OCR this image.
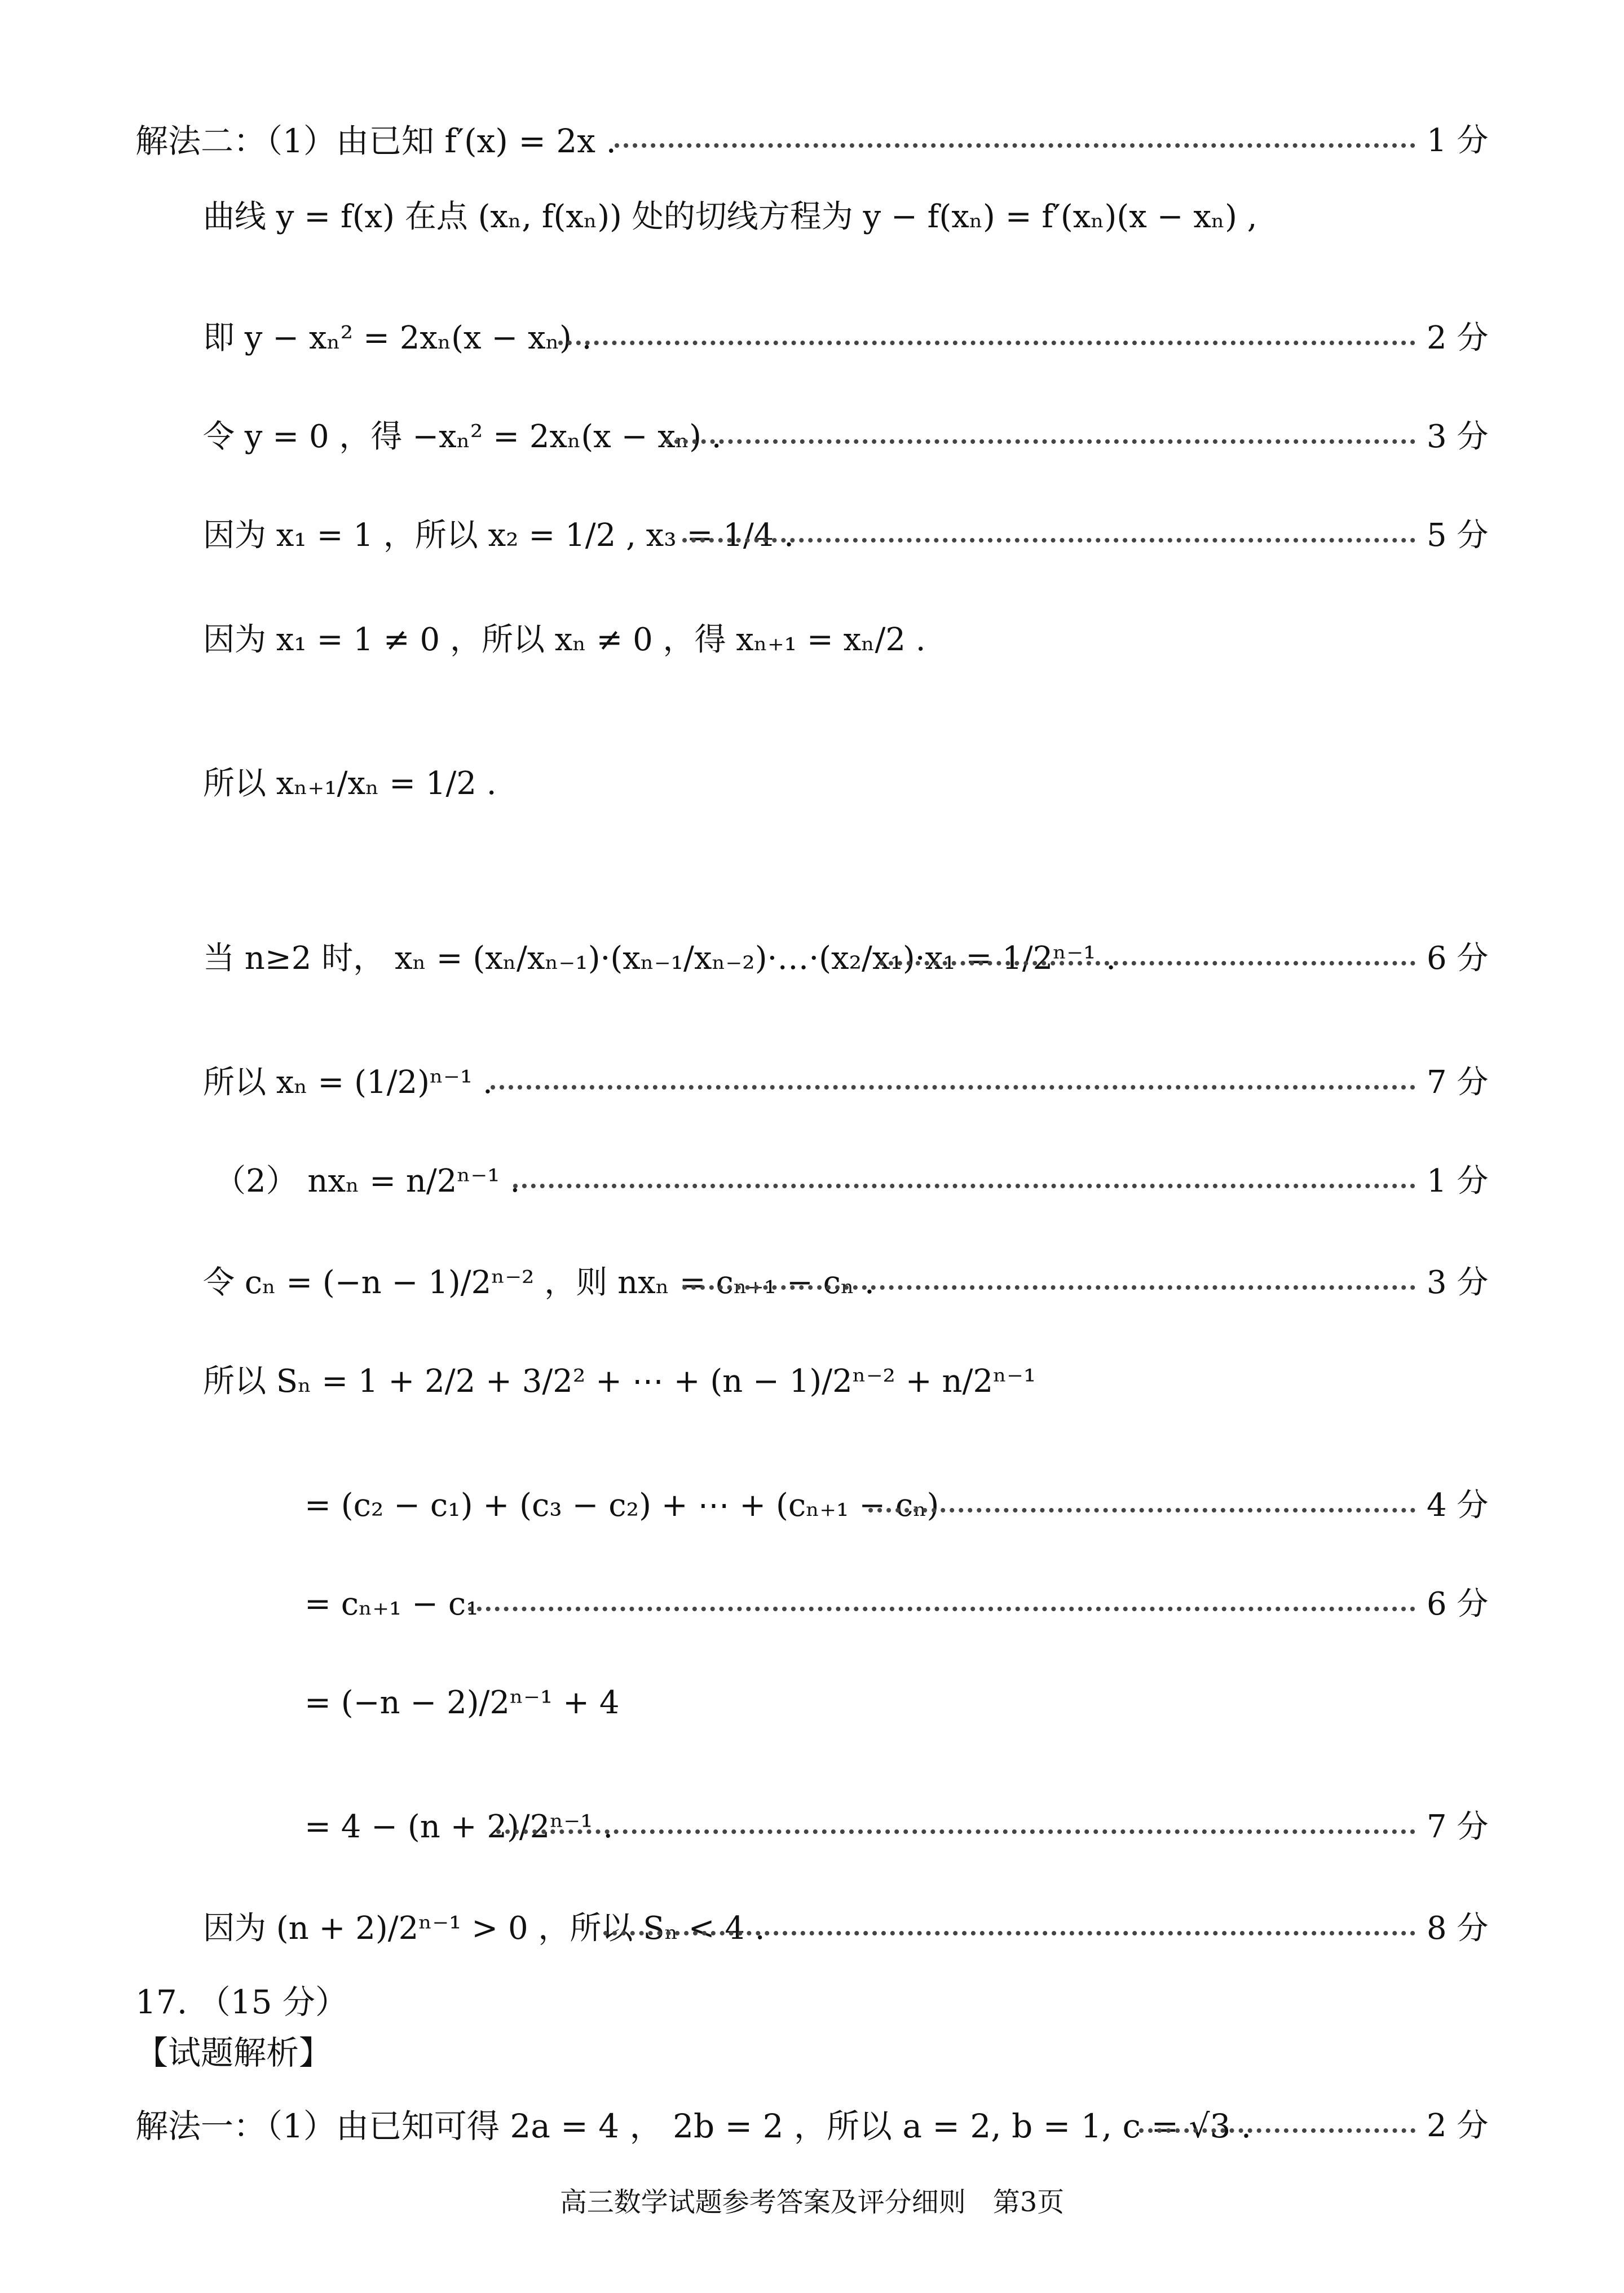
解法二：（1）由已知 f′(x) = 2x .	1 分
曲线 y = f(x) 在点 (xₙ, f(xₙ)) 处的切线方程为 y − f(xₙ) = f′(xₙ)(x − xₙ) ,
即 y − xₙ² = 2xₙ(x − xₙ) .	2 分
令 y = 0 ，得 −xₙ² = 2xₙ(x − xₙ) .	3 分
因为 x₁ = 1 ，所以 x₂ = 1/2 , x₃ = 1/4 .	5 分
因为 x₁ = 1 ≠ 0 ，所以 xₙ ≠ 0 ，得 xₙ₊₁ = xₙ/2 .
所以 xₙ₊₁/xₙ = 1/2 .
当 n≥2 时， xₙ = (xₙ/xₙ₋₁)·(xₙ₋₁/xₙ₋₂)·…·(x₂/x₁)·x₁ = 1/2ⁿ⁻¹ .	6 分
所以 xₙ = (1/2)ⁿ⁻¹ .	7 分
（2） nxₙ = n/2ⁿ⁻¹ .	1 分
令 cₙ = (−n − 1)/2ⁿ⁻² ，则 nxₙ = cₙ₊₁ − cₙ .	3 分
所以 Sₙ = 1 + 2/2 + 3/2² + ⋯ + (n − 1)/2ⁿ⁻² + n/2ⁿ⁻¹
= (c₂ − c₁) + (c₃ − c₂) + ⋯ + (cₙ₊₁ − cₙ)	4 分
= cₙ₊₁ − c₁	6 分
= (−n − 2)/2ⁿ⁻¹ + 4
= 4 − (n + 2)/2ⁿ⁻¹ .	7 分
因为 (n + 2)/2ⁿ⁻¹ > 0 ，所以 Sₙ < 4 .	8 分
17. （15 分）
【试题解析】
解法一：（1）由已知可得 2a = 4 ， 2b = 2 ，所以 a = 2, b = 1, c = √3 .	2 分
高三数学试题参考答案及评分细则　第3页
